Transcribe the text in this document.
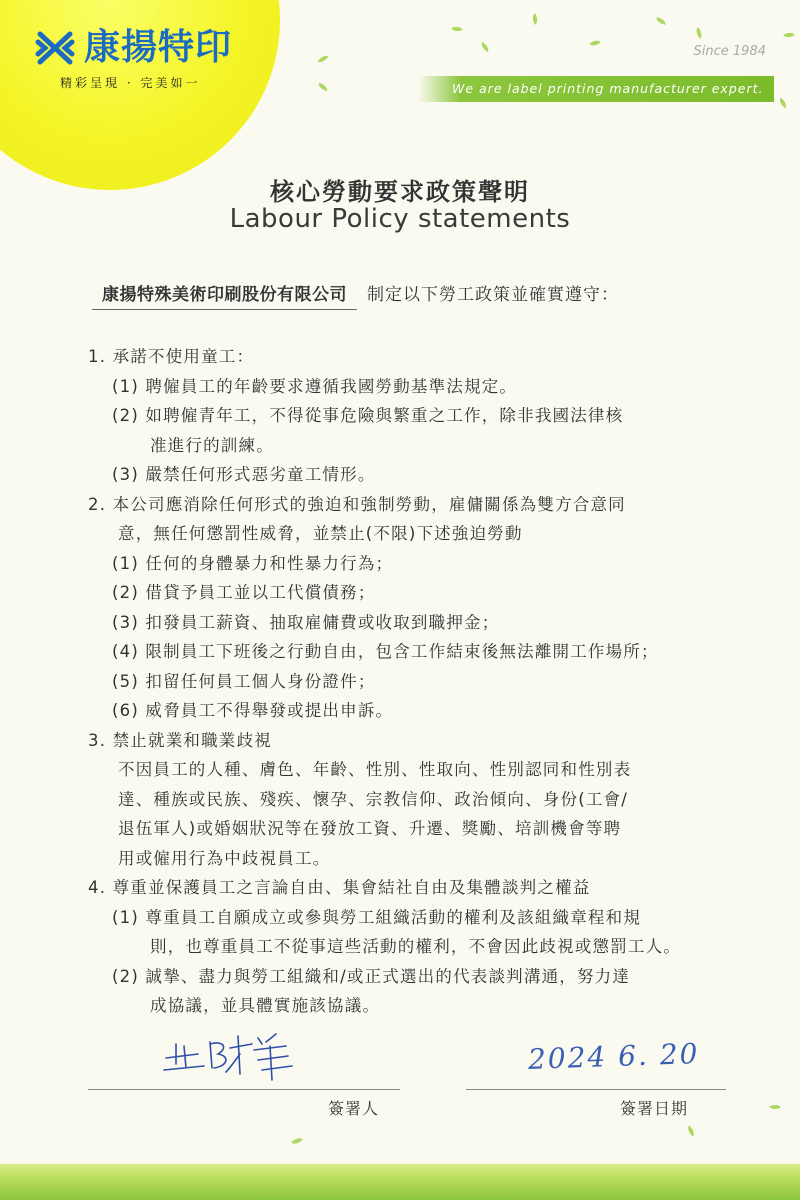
康揚特印
精彩呈現 · 完美如一
Since 1984
We are label printing manufacturer expert.
核心勞動要求政策聲明
Labour Policy statements
康揚特殊美術印刷股份有限公司 制定以下勞工政策並確實遵守：
1. 承諾不使用童工：
(1) 聘僱員工的年齡要求遵循我國勞動基準法規定。
(2) 如聘僱青年工，不得從事危險與繁重之工作，除非我國法律核
准進行的訓練。
(3) 嚴禁任何形式惡劣童工情形。
2. 本公司應消除任何形式的強迫和強制勞動，雇傭關係為雙方合意同
意，無任何懲罰性威脅，並禁止(不限)下述強迫勞動
(1) 任何的身體暴力和性暴力行為；
(2) 借貸予員工並以工代償債務；
(3) 扣發員工薪資、抽取雇傭費或收取到職押金；
(4) 限制員工下班後之行動自由，包含工作結束後無法離開工作場所；
(5) 扣留任何員工個人身份證件；
(6) 威脅員工不得舉發或提出申訴。
3. 禁止就業和職業歧視
不因員工的人種、膚色、年齡、性別、性取向、性別認同和性別表
達、種族或民族、殘疾、懷孕、宗教信仰、政治傾向、身份(工會/
退伍軍人)或婚姻狀況等在發放工資、升遷、獎勵、培訓機會等聘
用或僱用行為中歧視員工。
4. 尊重並保護員工之言論自由、集會結社自由及集體談判之權益
(1) 尊重員工自願成立或參與勞工組織活動的權利及該組織章程和規
則，也尊重員工不從事這些活動的權利，不會因此歧視或懲罰工人。
(2) 誠摯、盡力與勞工組織和/或正式選出的代表談判溝通，努力達
成協議，並具體實施該協議。
2024 6. 20
簽署人	簽署日期
